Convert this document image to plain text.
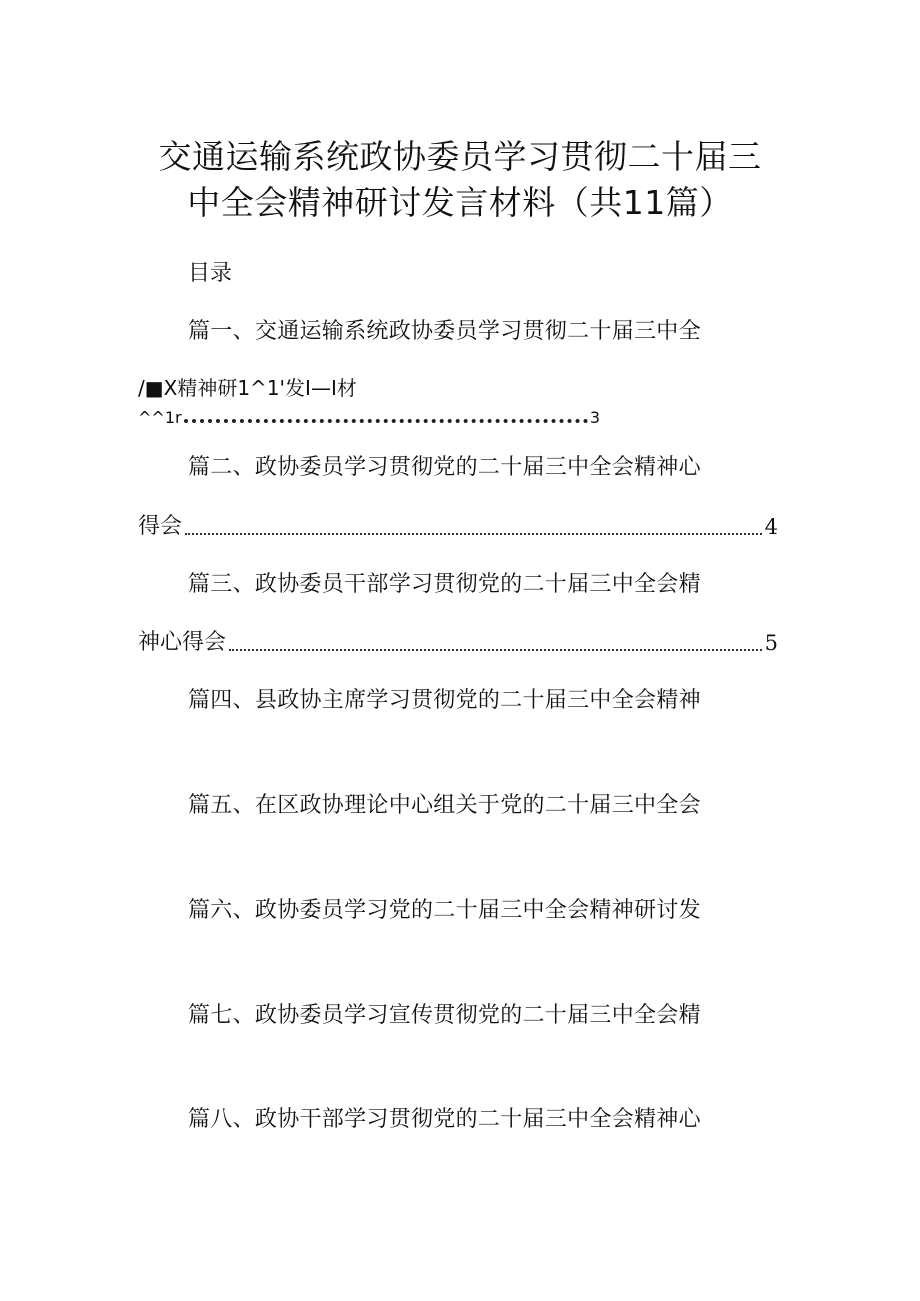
交通运输系统政协委员学习贯彻二十届三
中全会精神研讨发言材料（共11篇）
目录
篇一、交通运输系统政协委员学习贯彻二十届三中全
/■X精神研1^1'发I—I材
^^1r	3
篇二、政协委员学习贯彻党的二十届三中全会精神心
得会	4
篇三、政协委员干部学习贯彻党的二十届三中全会精
神心得会	5
篇四、县政协主席学习贯彻党的二十届三中全会精神
篇五、在区政协理论中心组关于党的二十届三中全会
篇六、政协委员学习党的二十届三中全会精神研讨发
篇七、政协委员学习宣传贯彻党的二十届三中全会精
篇八、政协干部学习贯彻党的二十届三中全会精神心
